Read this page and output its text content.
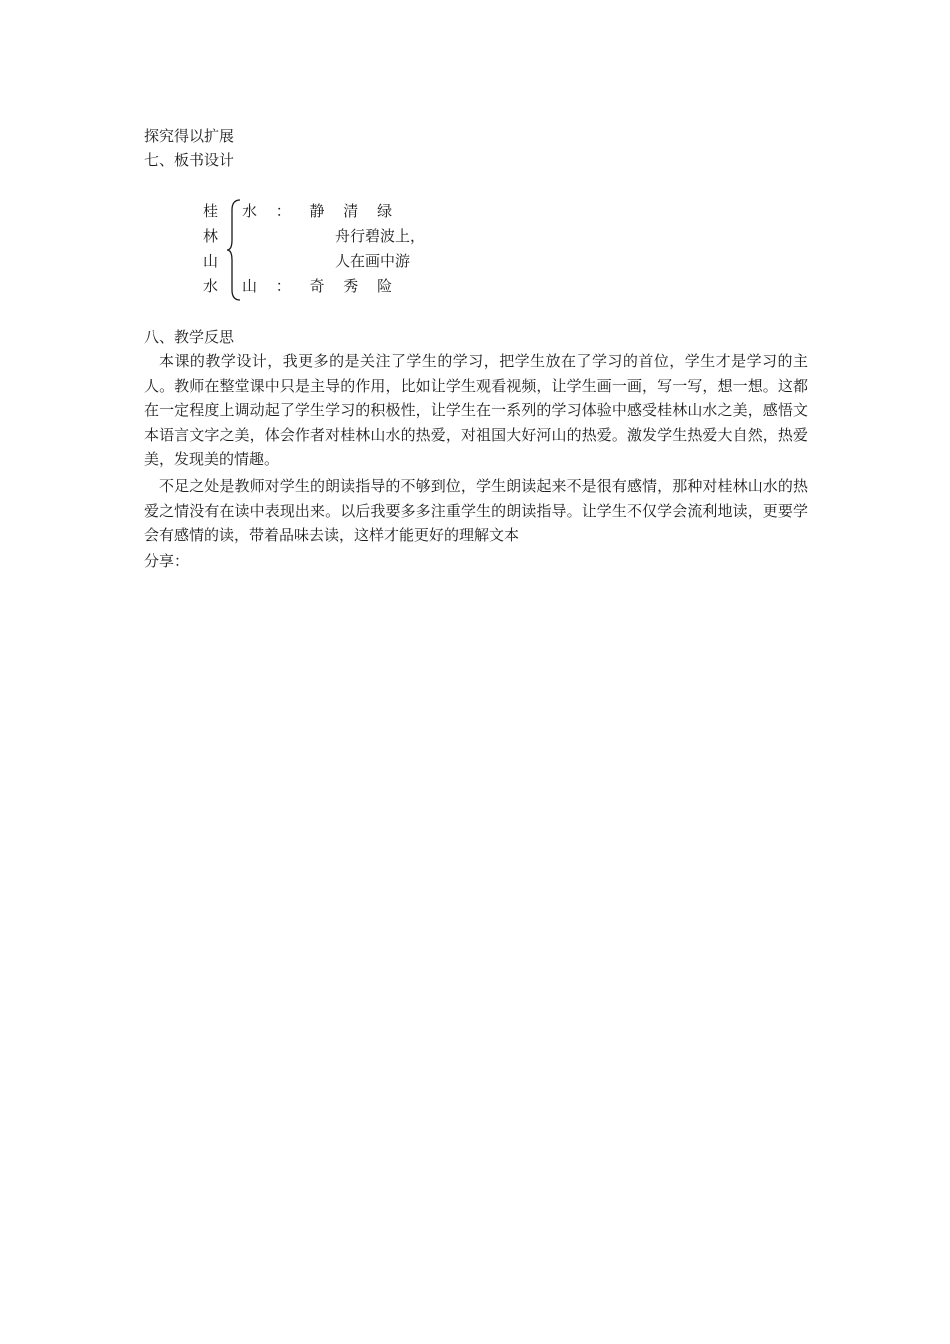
探究得以扩展
七、板书设计
桂
林
山
水
水 ： 静 清 绿
舟行碧波上，
人在画中游
山 ： 奇 秀 险
八、教学反思
本课的教学设计，我更多的是关注了学生的学习，把学生放在了学习的首位，学生才是学习的主人。教师在整堂课中只是主导的作用，比如让学生观看视频，让学生画一画，写一写，想一想。这都在一定程度上调动起了学生学习的积极性，让学生在一系列的学习体验中感受桂林山水之美，感悟文本语言文字之美，体会作者对桂林山水的热爱，对祖国大好河山的热爱。激发学生热爱大自然，热爱美，发现美的情趣。
不足之处是教师对学生的朗读指导的不够到位，学生朗读起来不是很有感情，那种对桂林山水的热爱之情没有在读中表现出来。以后我要多多注重学生的朗读指导。让学生不仅学会流利地读，更要学会有感情的读，带着品味去读，这样才能更好的理解文本
分享：
